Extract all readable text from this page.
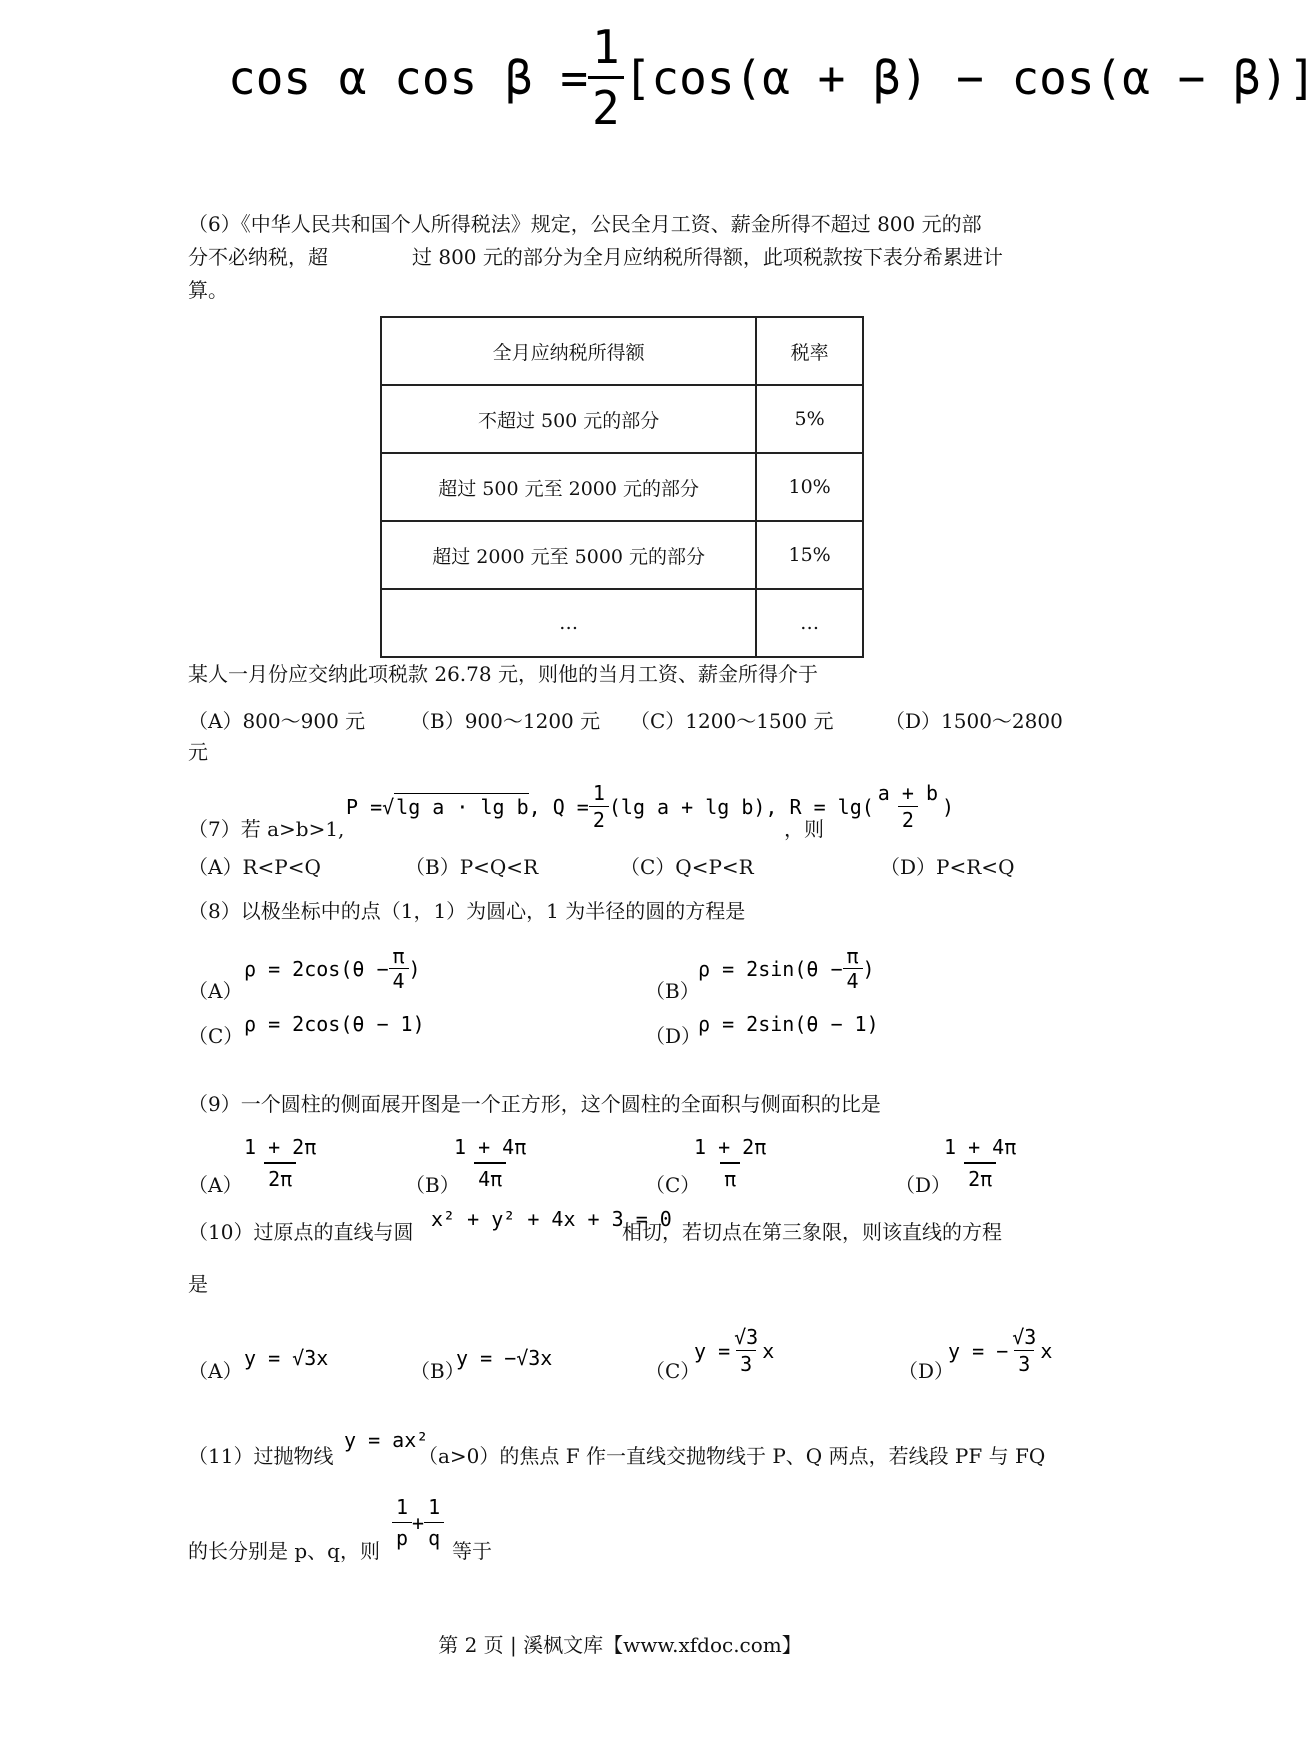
cos α $\cos \beta = \frac{1}{2} [\cos(\alpha + \beta) - \cos(\alpha - \beta)]$
（6）《中华人民共和国个人所得税法》规定，公民全月工资、薪金所得不超过 800 元的部
分不必纳税，超	过 800 元的部分为全月应纳税所得额，此项税款按下表分希累进计
算。
全月应纳税所得额	税率
不超过 500 元的部分	5%
超过 500 元至 2000 元的部分	10%
超过 2000 元至 5000 元的部分	15%
…	…
某人一月份应交纳此项税款 26.78 元，则他的当月工资、薪金所得介于
（A）800～900 元 （B）900～1200 元 （C）1200～1500 元	（D）1500～2800
元
（7）若 a>b>1,
P = √ lg a · lg b , $Q = \frac{1}{2} (\lg$ a + lg b), $R = \lg( \frac{a + b}{2}$ )
，则
（A）R<P<Q	（B）P<Q<R	（C）Q<P<R	（D）P<R<Q
（8）以极坐标中的点（1，1）为圆心，1 为半径的圆的方程是
（A）
$\rho = 2\cos(\theta - \frac{\pi}{4}$ )
（B）
$\rho = 2\sin(\theta - \frac{\pi}{4}$ )
（C） ρ = 2cos(θ − 1)	（D）
ρ = 2sin(θ − 1)
（9）一个圆柱的侧面展开图是一个正方形，这个圆柱的全面积与侧面积的比是
（A）
$\frac{1 + 2\pi}{2\pi}$	（B）
$\frac{1 + 4\pi}{4\pi}$	（C）
$\frac{1 + 2\pi}{\pi}$	（D）
$\frac{1 + 4\pi}{2\pi}$
（10）过原点的直线与圆
x² + y² + 4x + 3 = 0
相切，若切点在第三象限，则该直线的方程
是
（A）
y = √3x
（B）
y = −√3x
（C）
$y = \frac{√3}{3}$ x
（D）
y = − $\frac{√3}{3}$ x
（11）过抛物线
y = ax²
（a>0）的焦点 F 作一直线交抛物线于 P、Q 两点，若线段 PF 与 FQ
的长分别是 p、q，则 $\frac{1}{p} + \frac{1}{q}$ 等于
第 2 页 | 溪枫文库【www.xfdoc.com】
